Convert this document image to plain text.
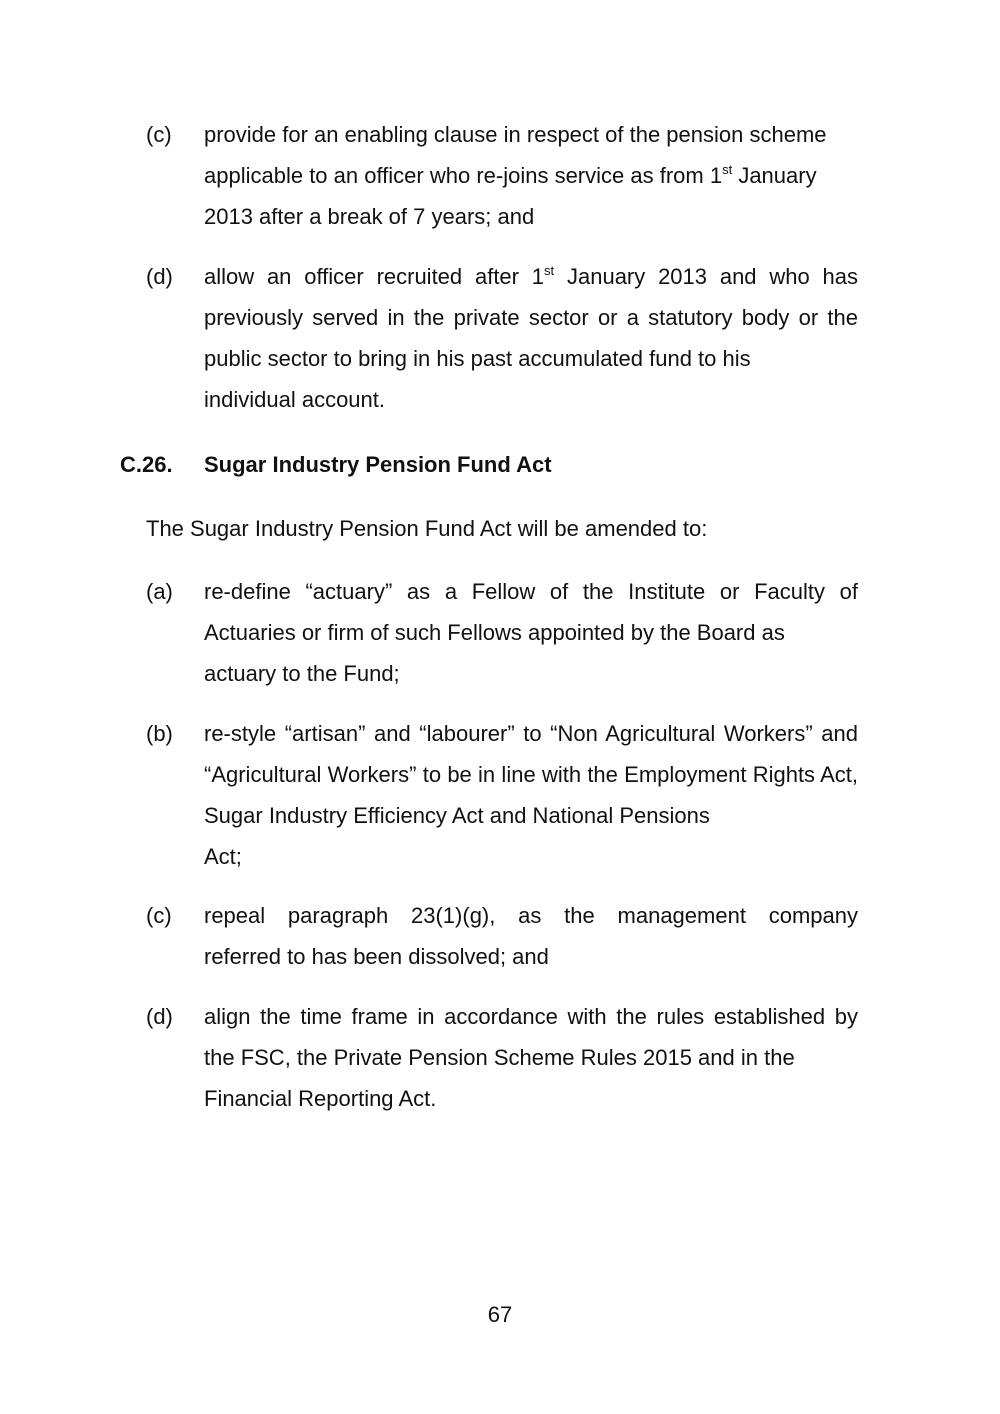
(c) provide for an enabling clause in respect of the pension scheme
applicable to an officer who re-joins service as from 1st January
2013 after a break of 7 years; and
(d) allow an officer recruited after 1st January 2013 and who has
previously served in the private sector or a statutory body or the public sector to bring in his past accumulated fund to his
individual account.
C.26. Sugar Industry Pension Fund Act
The Sugar Industry Pension Fund Act will be amended to:
(a) re-define “actuary” as a Fellow of the Institute or Faculty of Actuaries or firm of such Fellows appointed by the Board as
actuary to the Fund;
(b) re-style “artisan” and “labourer” to “Non Agricultural Workers” and “Agricultural Workers” to be in line with the Employment Rights Act, Sugar Industry Efficiency Act and National Pensions
Act;
(c) repeal paragraph 23(1)(g), as the management company
referred to has been dissolved; and
(d) align the time frame in accordance with the rules established by the FSC, the Private Pension Scheme Rules 2015 and in the
Financial Reporting Act.
67
